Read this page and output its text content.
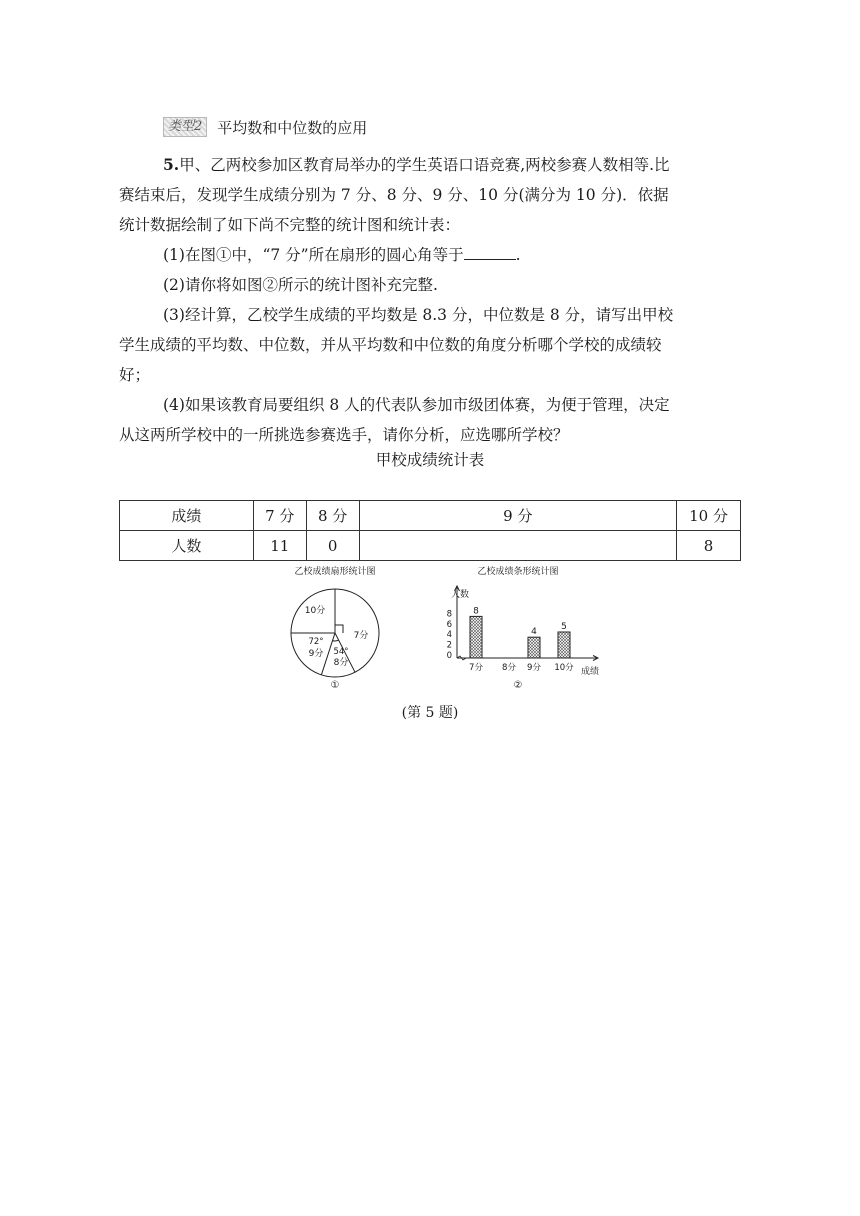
类型2	平均数和中位数的应用
5.甲、乙两校参加区教育局举办的学生英语口语竞赛,两校参赛人数相等.比
赛结束后，发现学生成绩分别为 7 分、8 分、9 分、10 分(满分为 10 分)．依据
统计数据绘制了如下尚不完整的统计图和统计表：
(1)在图①中，“7 分”所在扇形的圆心角等于	.
(2)请你将如图②所示的统计图补充完整.
(3)经计算，乙校学生成绩的平均数是 8.3 分，中位数是 8 分，请写出甲校
学生成绩的平均数、中位数，并从平均数和中位数的角度分析哪个学校的成绩较
好；
(4)如果该教育局要组织 8 人的代表队参加市级团体赛，为便于管理，决定
从这两所学校中的一所挑选参赛选手，请你分析，应选哪所学校？
甲校成绩统计表
成绩	7 分	8 分	9 分	10 分
人数	11	0		8
乙校成绩扇形统计图
10分
7分
72°
9分 54°
8分
①
乙校成绩条形统计图
人数
成绩
②
0
2
4
6
8
7分
8
8分 9分
4
10分
5
(第 5 题)
